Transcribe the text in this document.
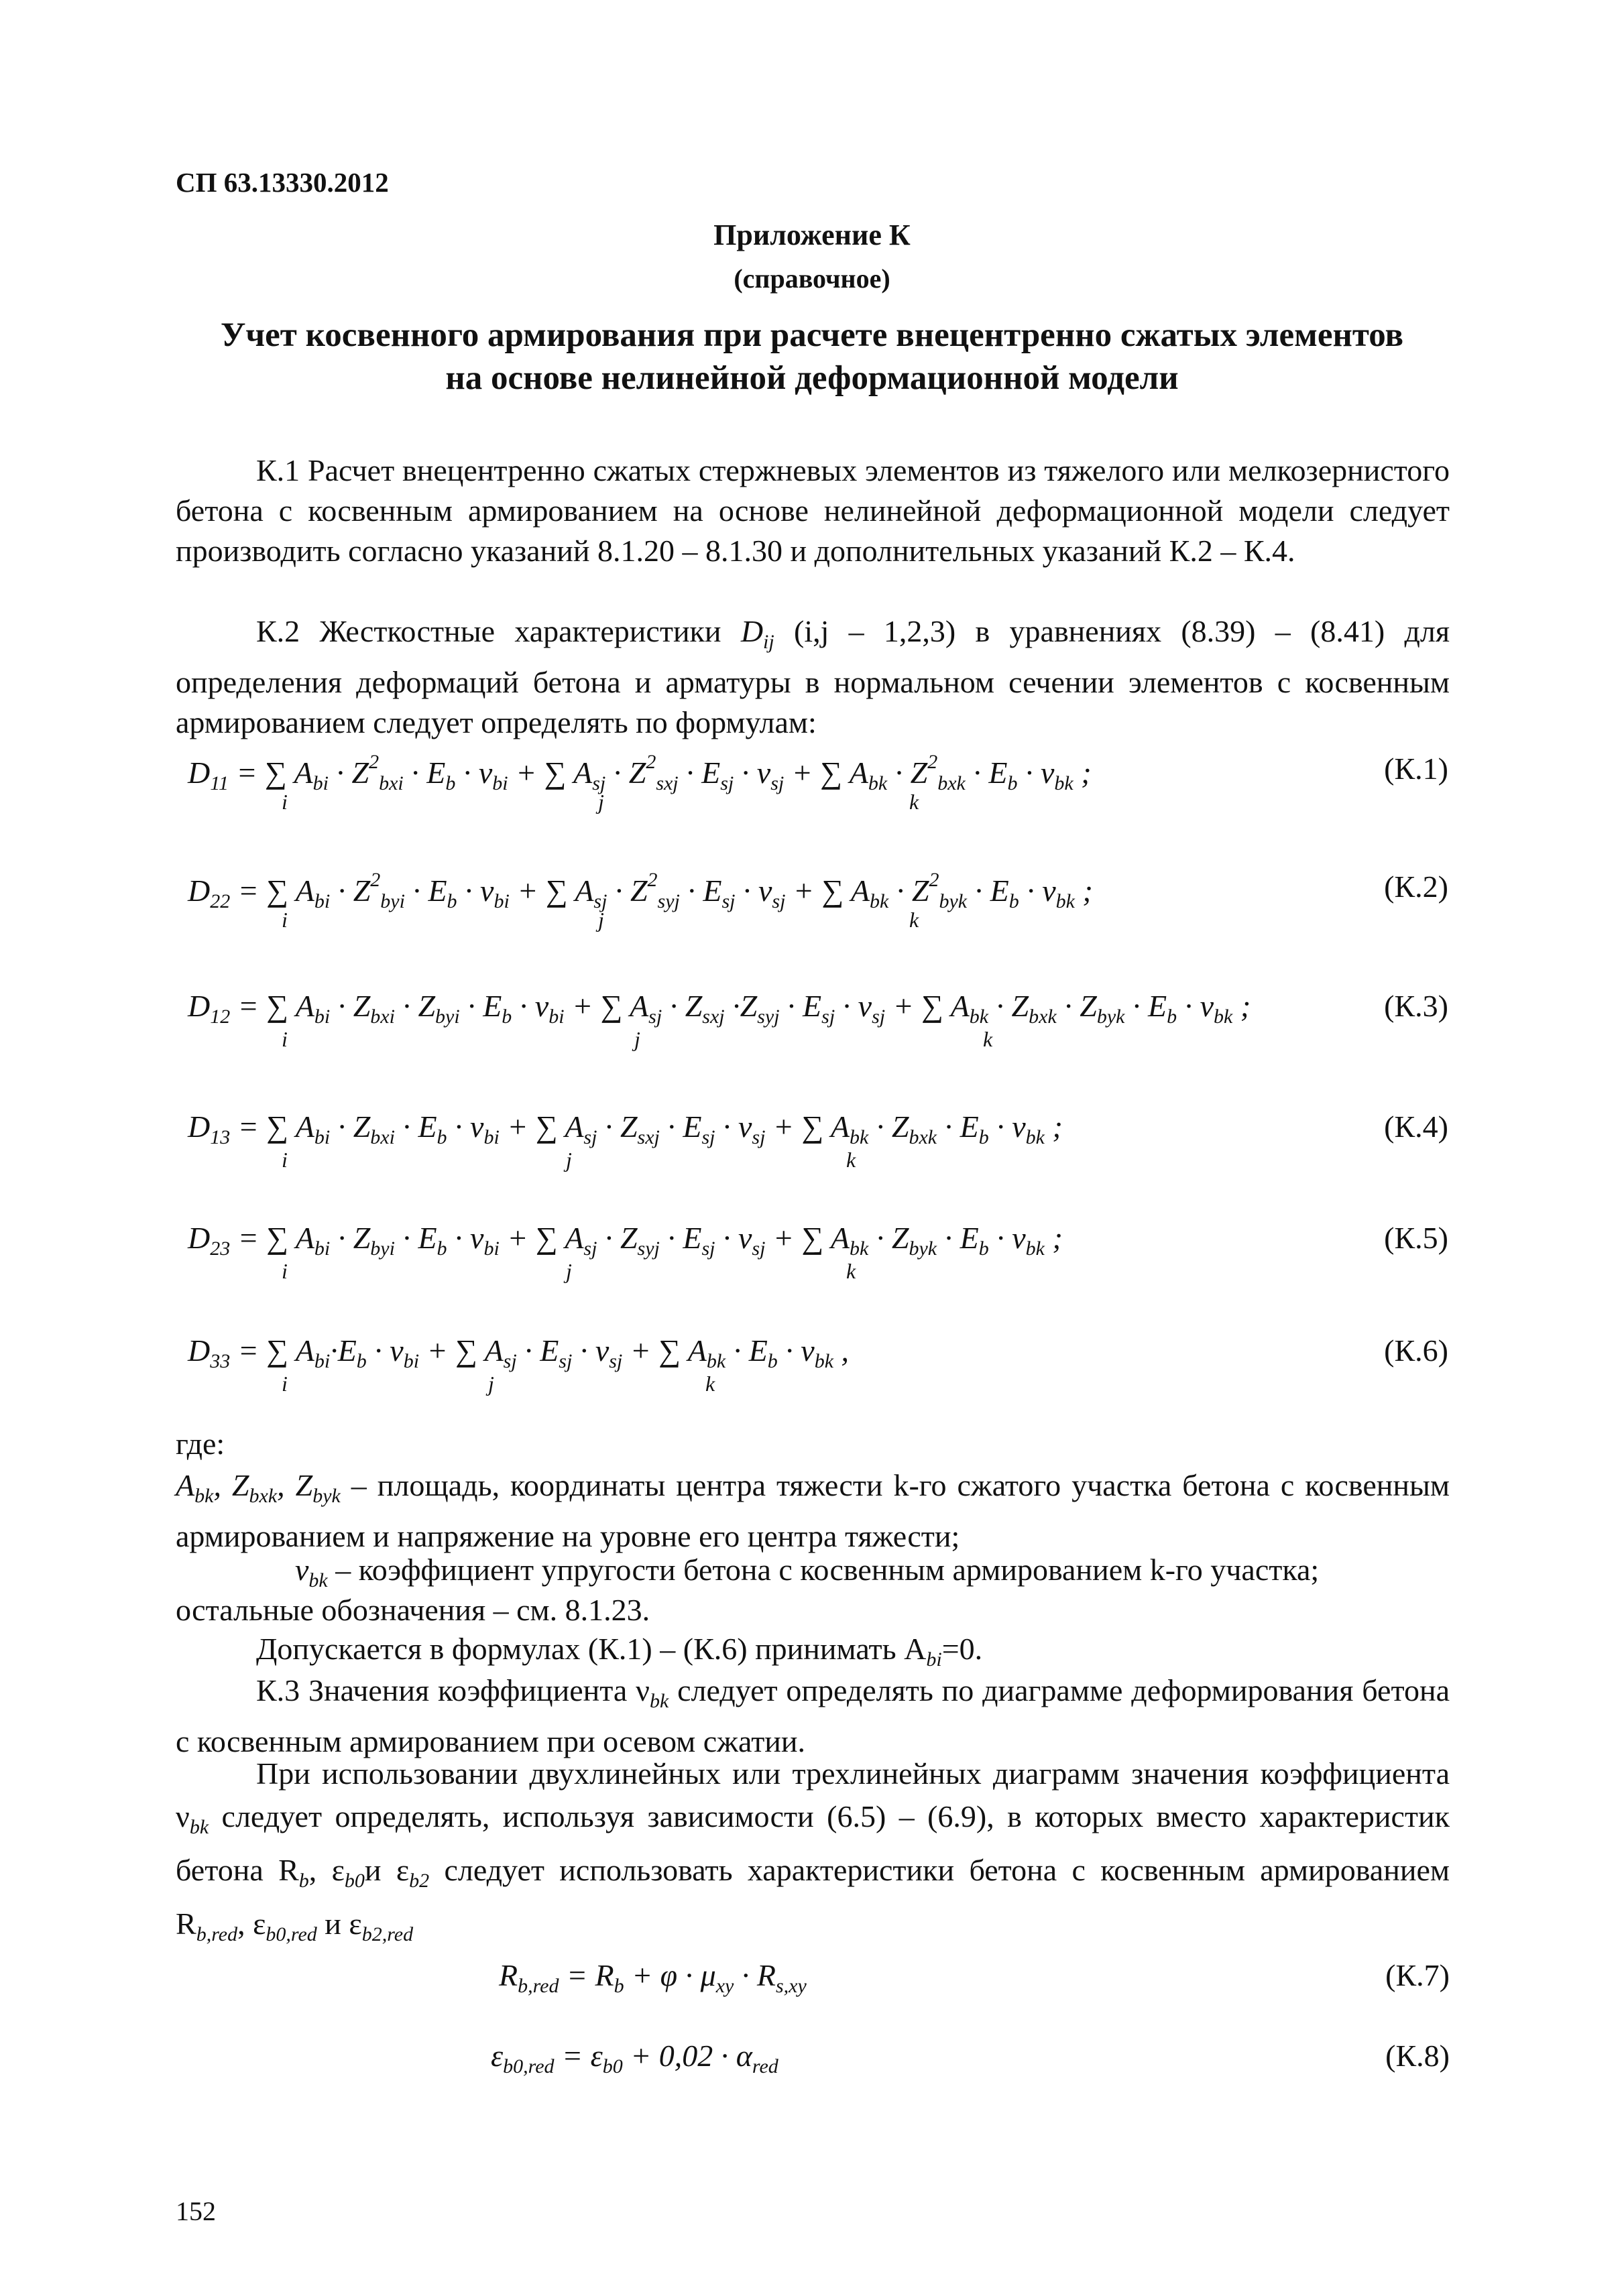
СП 63.13330.2012
Приложение К
(справочное)
Учет косвенного армирования при расчете внецентренно сжатых элементов
на основе нелинейной деформационной модели
К.1 Расчет внецентренно сжатых стержневых элементов из тяжелого или мелкозернистого бетона с косвенным армированием на основе нелинейной деформационной модели следует производить согласно указаний 8.1.20 – 8.1.30 и дополнительных указаний К.2 – К.4.
К.2 Жесткостные характеристики $D_{ij}$ (i,j – 1,2,3) в уравнениях (8.39) – (8.41) для определения деформаций бетона и арматуры в нормальном сечении элементов с косвенным армированием следует определять по формулам:
$D_{11}$ = ∑ $A_{bi} \cdot Z^2_{bxi} \cdot E_b \cdot \nu_{bi}$ + ∑ $A_{sj} \cdot Z^2_{sxj} \cdot E_{sj} \cdot \nu_{sj}$ + ∑ $A_{bk} \cdot Z^2_{bxk} \cdot E_b \cdot \nu_{bk}$ ;
i	j	k
(К.1)
$D_{22}$ = ∑ $A_{bi} \cdot Z^2_{byi} \cdot E_b \cdot \nu_{bi}$ + ∑ $A_{sj} \cdot Z^2_{syj} \cdot E_{sj} \cdot \nu_{sj}$ + ∑ $A_{bk} \cdot Z^2_{byk} \cdot E_b \cdot \nu_{bk}$ ;
i	j	k
(К.2)
$D_{12}$ = ∑ $A_{bi} \cdot Z_{bxi} \cdot Z_{byi} \cdot E_b \cdot \nu_{bi}$ + ∑ $A_{sj} \cdot Z_{sxj} \cdot Z_{syj} \cdot E_{sj} \cdot \nu_{sj}$ + ∑ $A_{bk} \cdot Z_{bxk} \cdot Z_{byk} \cdot E_b \cdot \nu_{bk}$ ;
i	j	k
(К.3)
$D_{13}$ = ∑ $A_{bi} \cdot Z_{bxi} \cdot E_b \cdot \nu_{bi}$ + ∑ $A_{sj} \cdot Z_{sxj} \cdot E_{sj} \cdot \nu_{sj}$ + ∑ $A_{bk} \cdot Z_{bxk} \cdot E_b \cdot \nu_{bk}$ ;
i	j	k
(К.4)
$D_{23}$ = ∑ $A_{bi} \cdot Z_{byi} \cdot E_b \cdot \nu_{bi}$ + ∑ $A_{sj} \cdot Z_{syj} \cdot E_{sj} \cdot \nu_{sj}$ + ∑ $A_{bk} \cdot Z_{byk} \cdot E_b \cdot \nu_{bk}$ ;
i	j	k
(К.5)
$D_{33}$ = ∑ $A_{bi}\cdot E_b \cdot \nu_{bi}$ + ∑ $A_{sj} \cdot E_{sj} \cdot \nu_{sj}$ + ∑ $A_{bk} \cdot E_b \cdot \nu_{bk}$ ,
i	j	k
(К.6)
где:
$A_{bk}$, $Z_{bxk}$, $Z_{byk}$ – площадь, координаты центра тяжести k-го сжатого участка бетона с косвенным армированием и напряжение на уровне его центра тяжести;
$\nu_{bk}$ – коэффициент упругости бетона с косвенным армированием k-го участка;
остальные обозначения – см. 8.1.23.
Допускается в формулах (К.1) – (К.6) принимать $A_{bi}=0$.
К.3 Значения коэффициента $\nu_{bk}$ следует определять по диаграмме деформирования бетона с косвенным армированием при осевом сжатии.
При использовании двухлинейных или трехлинейных диаграмм значения коэффициента $\nu_{bk}$ следует определять, используя зависимости (6.5) – (6.9), в которых вместо характеристик бетона $R_b$, $\varepsilon_{b0}и$ $\varepsilon_{b2}$ следует использовать характеристики бетона с косвенным армированием $R_{b,red}$, $\varepsilon_{b0,red}$ и $\varepsilon_{b2,red}$
$R_{b,red} = R_b + \varphi \cdot \mu_{xy} \cdot R_{s,xy}$	(К.7)
$\varepsilon_{b0,red} = \varepsilon_{b0} + 0,02 \cdot \alpha_{red}$	(К.8)
152
